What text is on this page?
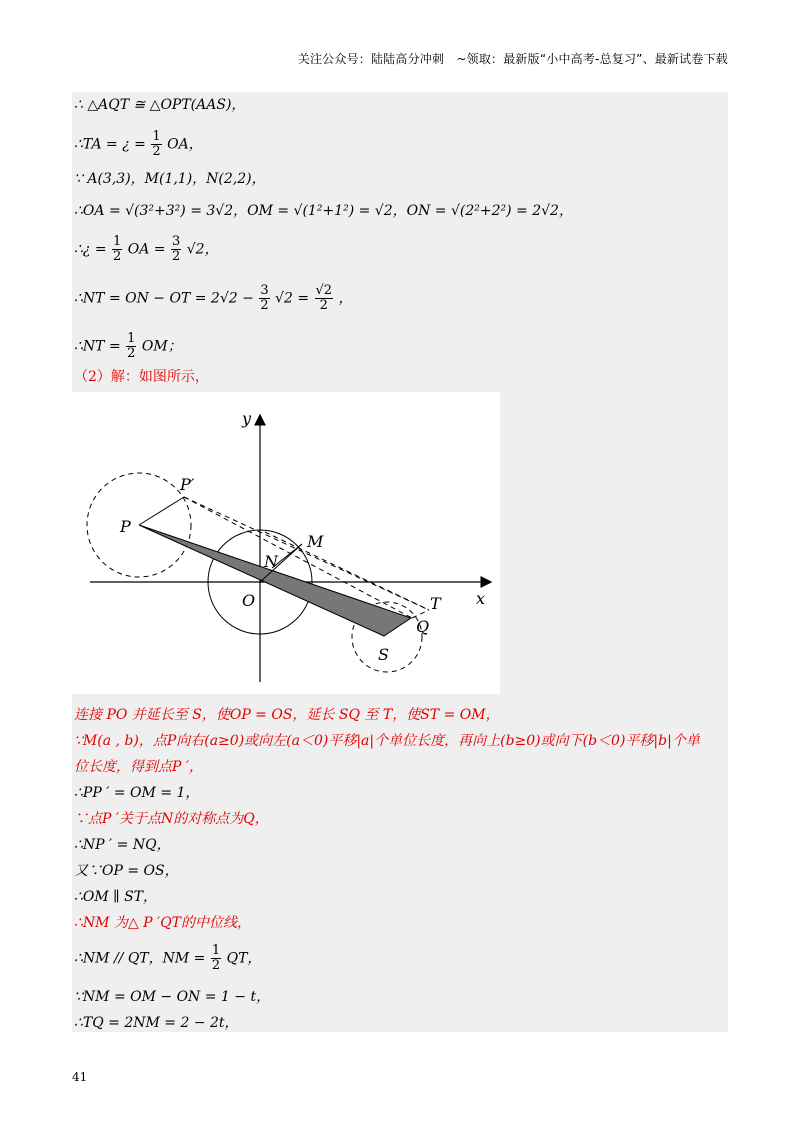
关注公众号：陆陆高分冲刺　~领取：最新版“小中高考-总复习”、最新试卷下载
∴ △AQT ≅ △OPT(AAS)，
∴TA = ¿ = $\frac{1}{2}$ OA，
∵ A(3,3)，M(1,1)，N(2,2)，
∴OA = √(3²+3²) = 3√2，OM = √(1²+1²) = √2，ON = √(2²+2²) = 2√2，
∴¿ = $\frac{1}{2}$ OA = $\frac{3}{2} √2$，
∴NT = ON − OT = $2√2 - \frac{3}{2} √2 = \frac{√2}{2}$ ，
∴NT = $\frac{1}{2}$ OM；
（2）解：如图所示，
y
x
O
P
P′
M
N
T
Q
S
连接 PO 并延长至 S，使OP = OS，延长 SQ 至 T，使ST = OM，
∵M(a , b)，点P向右(a≥0)或向左(a＜0)平移|a|个单位长度，再向上(b≥0)或向下(b＜0)平移|b|个单
位长度，得到点P ′，
∴PP ′ = OM = 1，
∵点P ′关于点N的对称点为Q，
∴NP ′ = NQ，
又∵OP = OS，
∴OM ∥ ST，
∴NM 为△ P ′QT的中位线，
∴NM // QT，NM = $\frac{1}{2}$ QT，
∵NM = OM − ON = 1 − t，
∴TQ = 2NM = 2 − 2t，
41
